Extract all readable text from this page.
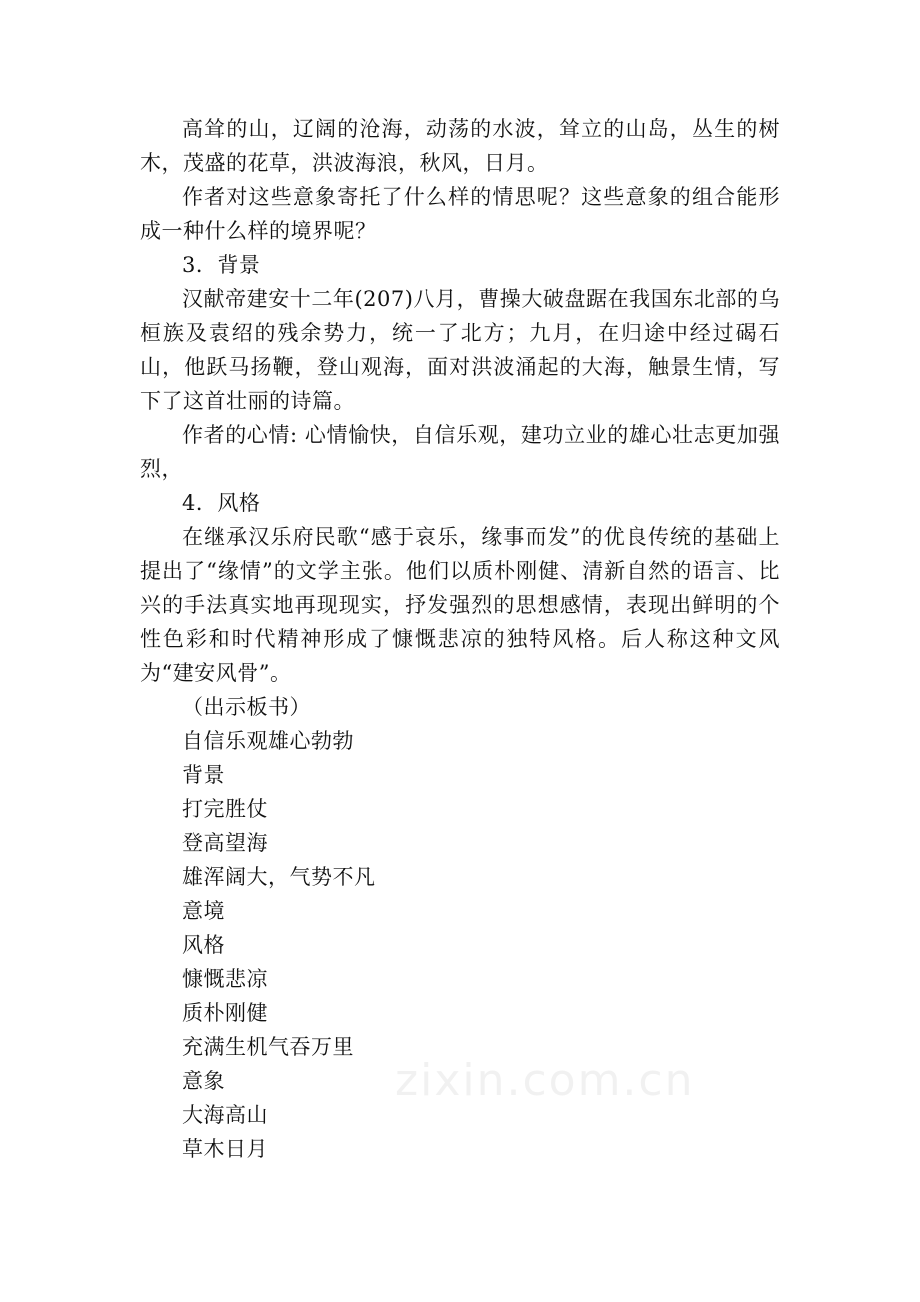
高耸的山，辽阔的沧海，动荡的水波，耸立的山岛，丛生的树木，茂盛的花草，洪波海浪，秋风，日月。

作者对这些意象寄托了什么样的情思呢？这些意象的组合能形成一种什么样的境界呢？

3．背景

汉献帝建安十二年(207)八月，曹操大破盘踞在我国东北部的乌桓族及袁绍的残余势力，统一了北方；九月，在归途中经过碣石山，他跃马扬鞭，登山观海，面对洪波涌起的大海，触景生情，写下了这首壮丽的诗篇。

作者的心情: 心情愉快，自信乐观，建功立业的雄心壮志更加强烈，

4．风格

在继承汉乐府民歌“感于哀乐，缘事而发”的优良传统的基础上提出了“缘情”的文学主张。他们以质朴刚健、清新自然的语言、比兴的手法真实地再现现实，抒发强烈的思想感情，表现出鲜明的个性色彩和时代精神形成了慷慨悲凉的独特风格。后人称这种文风为“建安风骨”。

（出示板书）

自信乐观雄心勃勃

背景

打完胜仗

登高望海

雄浑阔大，气势不凡

意境

风格

慷慨悲凉

质朴刚健

充满生机气吞万里

意象

大海高山

草木日月

zixin.com.cn
